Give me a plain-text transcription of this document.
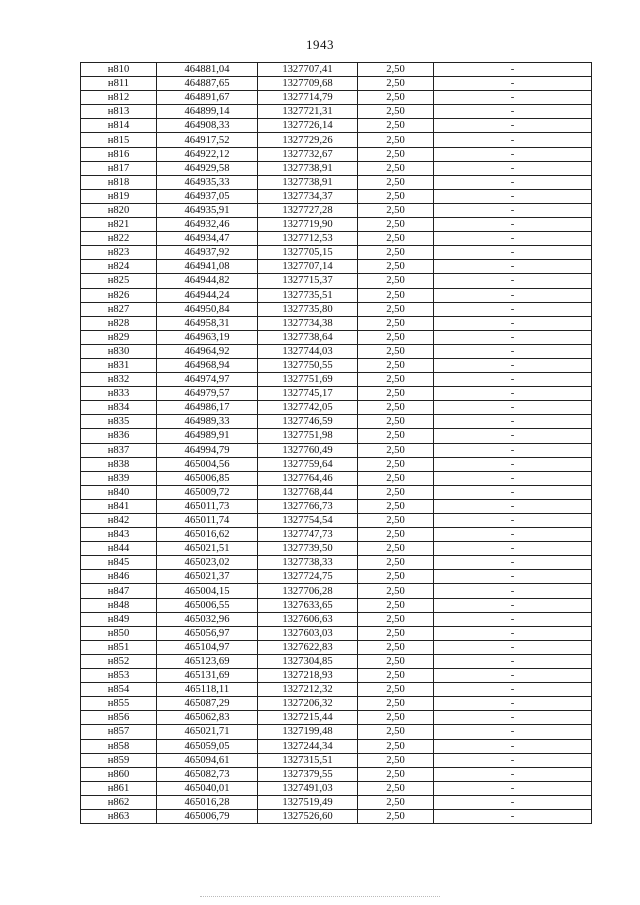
1943
н810	464881,04	1327707,41	2,50	-
н811	464887,65	1327709,68	2,50	-
н812	464891,67	1327714,79	2,50	-
н813	464899,14	1327721,31	2,50	-
н814	464908,33	1327726,14	2,50	-
н815	464917,52	1327729,26	2,50	-
н816	464922,12	1327732,67	2,50	-
н817	464929,58	1327738,91	2,50	-
н818	464935,33	1327738,91	2,50	-
н819	464937,05	1327734,37	2,50	-
н820	464935,91	1327727,28	2,50	-
н821	464932,46	1327719,90	2,50	-
н822	464934,47	1327712,53	2,50	-
н823	464937,92	1327705,15	2,50	-
н824	464941,08	1327707,14	2,50	-
н825	464944,82	1327715,37	2,50	-
н826	464944,24	1327735,51	2,50	-
н827	464950,84	1327735,80	2,50	-
н828	464958,31	1327734,38	2,50	-
н829	464963,19	1327738,64	2,50	-
н830	464964,92	1327744,03	2,50	-
н831	464968,94	1327750,55	2,50	-
н832	464974,97	1327751,69	2,50	-
н833	464979,57	1327745,17	2,50	-
н834	464986,17	1327742,05	2,50	-
н835	464989,33	1327746,59	2,50	-
н836	464989,91	1327751,98	2,50	-
н837	464994,79	1327760,49	2,50	-
н838	465004,56	1327759,64	2,50	-
н839	465006,85	1327764,46	2,50	-
н840	465009,72	1327768,44	2,50	-
н841	465011,73	1327766,73	2,50	-
н842	465011,74	1327754,54	2,50	-
н843	465016,62	1327747,73	2,50	-
н844	465021,51	1327739,50	2,50	-
н845	465023,02	1327738,33	2,50	-
н846	465021,37	1327724,75	2,50	-
н847	465004,15	1327706,28	2,50	-
н848	465006,55	1327633,65	2,50	-
н849	465032,96	1327606,63	2,50	-
н850	465056,97	1327603,03	2,50	-
н851	465104,97	1327622,83	2,50	-
н852	465123,69	1327304,85	2,50	-
н853	465131,69	1327218,93	2,50	-
н854	465118,11	1327212,32	2,50	-
н855	465087,29	1327206,32	2,50	-
н856	465062,83	1327215,44	2,50	-
н857	465021,71	1327199,48	2,50	-
н858	465059,05	1327244,34	2,50	-
н859	465094,61	1327315,51	2,50	-
н860	465082,73	1327379,55	2,50	-
н861	465040,01	1327491,03	2,50	-
н862	465016,28	1327519,49	2,50	-
н863	465006,79	1327526,60	2,50	-
